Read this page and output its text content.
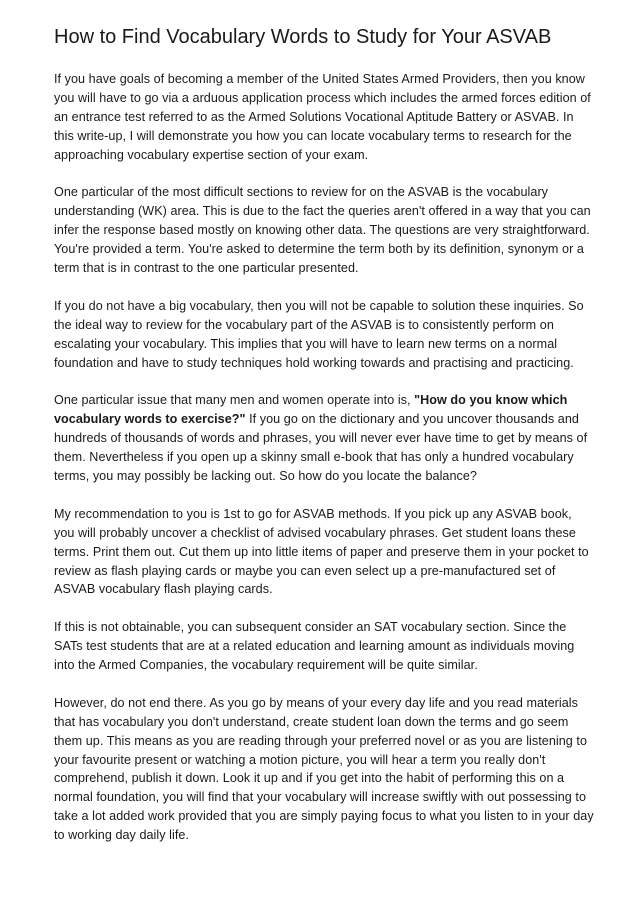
How to Find Vocabulary Words to Study for Your ASVAB

If you have goals of becoming a member of the United States Armed Providers, then you know you will have to go via a arduous application process which includes the armed forces edition of an entrance test referred to as the Armed Solutions Vocational Aptitude Battery or ASVAB. In this write-up, I will demonstrate you how you can locate vocabulary terms to research for the approaching vocabulary expertise section of your exam.

One particular of the most difficult sections to review for on the ASVAB is the vocabulary understanding (WK) area. This is due to the fact the queries aren't offered in a way that you can infer the response based mostly on knowing other data. The questions are very straightforward. You're provided a term. You're asked to determine the term both by its definition, synonym or a term that is in contrast to the one particular presented.

If you do not have a big vocabulary, then you will not be capable to solution these inquiries. So the ideal way to review for the vocabulary part of the ASVAB is to consistently perform on escalating your vocabulary. This implies that you will have to learn new terms on a normal foundation and have to study techniques hold working towards and practising and practicing.

One particular issue that many men and women operate into is, "How do you know which vocabulary words to exercise?" If you go on the dictionary and you uncover thousands and hundreds of thousands of words and phrases, you will never ever have time to get by means of them. Nevertheless if you open up a skinny small e-book that has only a hundred vocabulary terms, you may possibly be lacking out. So how do you locate the balance?

My recommendation to you is 1st to go for ASVAB methods. If you pick up any ASVAB book, you will probably uncover a checklist of advised vocabulary phrases. Get student loans these terms. Print them out. Cut them up into little items of paper and preserve them in your pocket to review as flash playing cards or maybe you can even select up a pre-manufactured set of ASVAB vocabulary flash playing cards.

If this is not obtainable, you can subsequent consider an SAT vocabulary section. Since the SATs test students that are at a related education and learning amount as individuals moving into the Armed Companies, the vocabulary requirement will be quite similar.

However, do not end there. As you go by means of your every day life and you read materials that has vocabulary you don't understand, create student loan down the terms and go seem them up. This means as you are reading through your preferred novel or as you are listening to your favourite present or watching a motion picture, you will hear a term you really don't comprehend, publish it down. Look it up and if you get into the habit of performing this on a normal foundation, you will find that your vocabulary will increase swiftly with out possessing to take a lot added work provided that you are simply paying focus to what you listen to in your day to working day daily life.
